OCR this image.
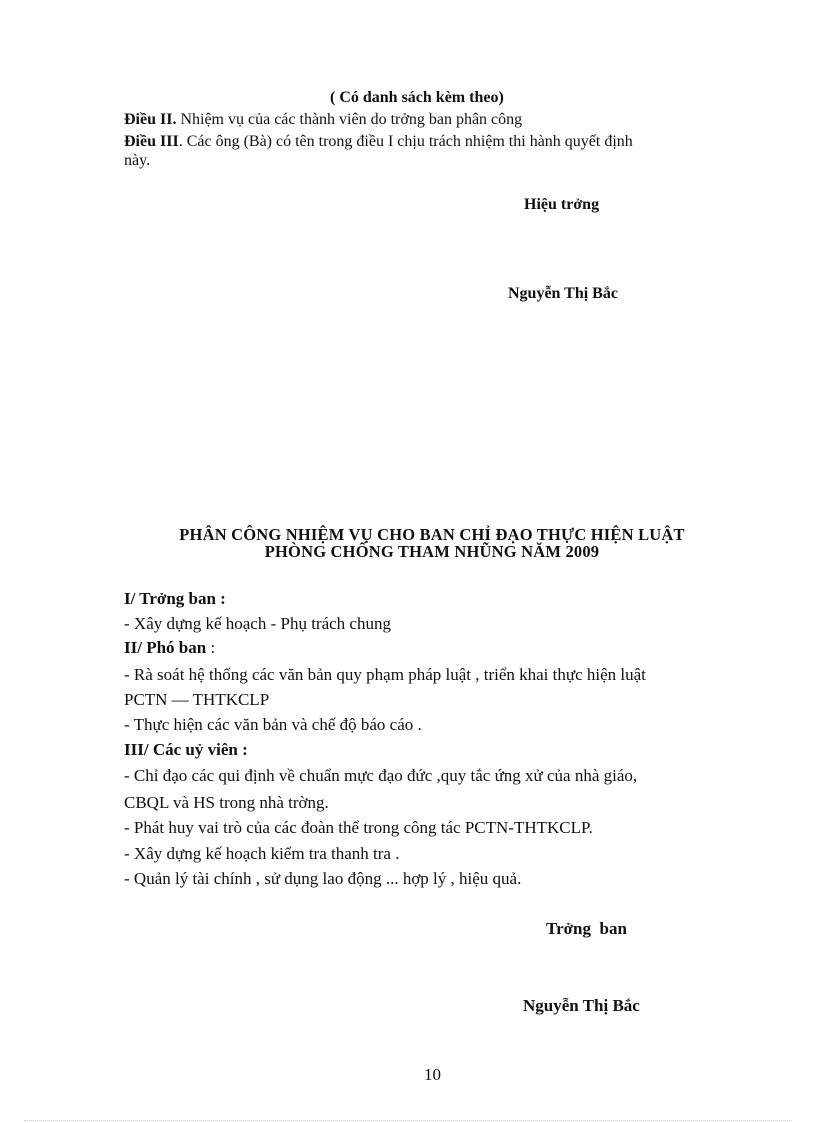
( Có danh sách kèm theo)
Điều II. Nhiệm vụ của các thành viên do trởng ban phân công
Điều III. Các ông (Bà) có tên trong điều I chịu trách nhiệm thi hành quyết định
này.
Hiệu trởng
Nguyễn Thị Bắc
PHÂN CÔNG NHIỆM VỤ CHO BAN CHỈ ĐẠO THỰC HIỆN LUẬT
PHÒNG CHỐNG THAM NHŨNG NĂM 2009
I/ Trởng ban :
- Xây dựng kế hoạch - Phụ trách chung
II/ Phó ban :
- Rà soát hệ thống các văn bản quy phạm pháp luật , triển khai thực hiện luật
PCTN — THTKCLP
- Thực hiện các văn bản và chế độ báo cáo .
III/ Các uỷ viên :
- Chỉ đạo các qui định về chuẩn mực đạo đức ,quy tắc ứng xử của nhà giáo,
CBQL và HS trong nhà trờng.
- Phát huy vai trò của các đoàn thể trong công tác PCTN-THTKCLP.
- Xây dựng kế hoạch kiểm tra thanh tra .
- Quản lý tài chính , sử dụng lao động ... hợp lý , hiệu quả.
Trởng  ban
Nguyễn Thị Bắc
10
